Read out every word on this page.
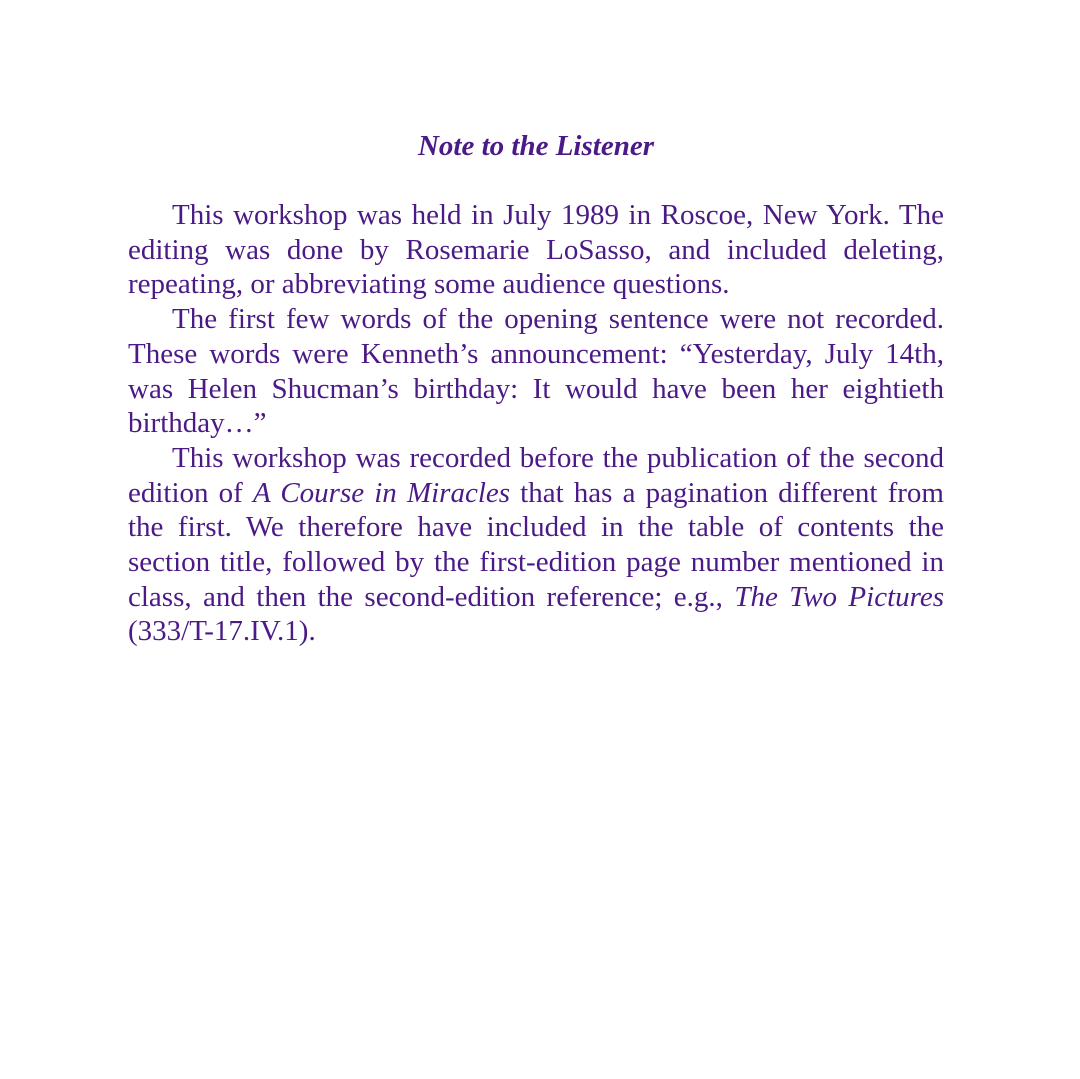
Note to the Listener

This workshop was held in July 1989 in Roscoe, New York. The editing was done by Rosemarie LoSasso, and included deleting, repeating, or abbreviating some audience questions.

The first few words of the opening sentence were not recorded. These words were Kenneth’s announcement: “Yesterday, July 14th, was Helen Shucman’s birthday: It would have been her eightieth birthday…”

This workshop was recorded before the publication of the second edition of A Course in Miracles that has a pagination different from the first. We therefore have included in the table of contents the section title, followed by the first-edition page number mentioned in class, and then the second-edition reference; e.g., The Two Pictures (333/T-17.IV.1).
